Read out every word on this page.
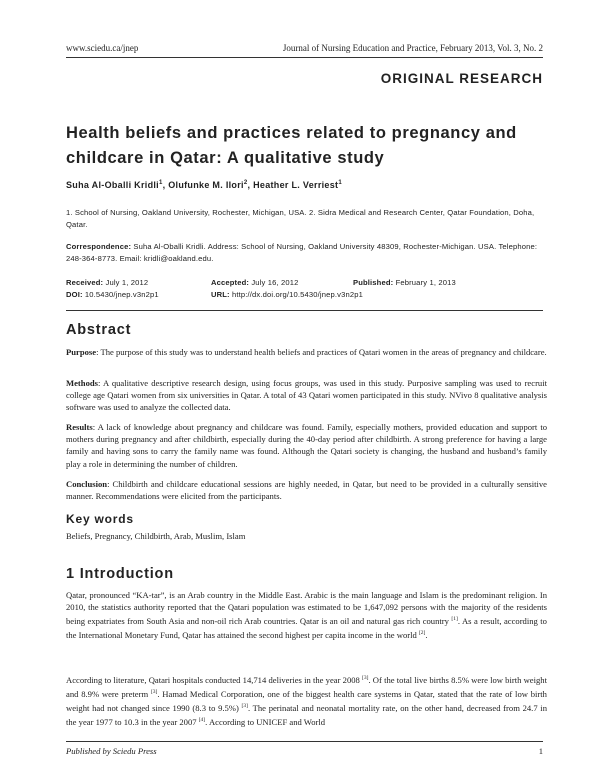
www.sciedu.ca/jnep	Journal of Nursing Education and Practice, February 2013, Vol. 3, No. 2
ORIGINAL RESEARCH
Health beliefs and practices related to pregnancy and childcare in Qatar: A qualitative study
Suha Al-Oballi Kridli$^1$, Olufunke M. Ilori$^2$, Heather L. Verriest$^1$
1. School of Nursing, Oakland University, Rochester, Michigan, USA. 2. Sidra Medical and Research Center, Qatar Foundation, Doha, Qatar.
Correspondence: Suha Al-Oballi Kridli. Address: School of Nursing, Oakland University 48309, Rochester-Michigan. USA. Telephone: 248-364-8773. Email: kridli@oakland.edu.
Received: July 1, 2012	Accepted: July 16, 2012	Published: February 1, 2013
DOI: 10.5430/jnep.v3n2p1	URL: http://dx.doi.org/10.5430/jnep.v3n2p1
Abstract
Purpose: The purpose of this study was to understand health beliefs and practices of Qatari women in the areas of pregnancy and childcare.
Methods: A qualitative descriptive research design, using focus groups, was used in this study. Purposive sampling was used to recruit college age Qatari women from six universities in Qatar. A total of 43 Qatari women participated in this study. NVivo 8 qualitative analysis software was used to analyze the collected data.
Results: A lack of knowledge about pregnancy and childcare was found. Family, especially mothers, provided education and support to mothers during pregnancy and after childbirth, especially during the 40-day period after childbirth. A strong preference for having a large family and having sons to carry the family name was found. Although the Qatari society is changing, the husband and husband’s family play a role in determining the number of children.
Conclusion: Childbirth and childcare educational sessions are highly needed, in Qatar, but need to be provided in a culturally sensitive manner. Recommendations were elicited from the participants.
Key words
Beliefs, Pregnancy, Childbirth, Arab, Muslim, Islam
1 Introduction
Qatar, pronounced “KA-tar”, is an Arab country in the Middle East. Arabic is the main language and Islam is the predominant religion. In 2010, the statistics authority reported that the Qatari population was estimated to be 1,647,092 persons with the majority of the residents being expatriates from South Asia and non-oil rich Arab countries. Qatar is an oil and natural gas rich country [1]. As a result, according to the International Monetary Fund, Qatar has attained the second highest per capita income in the world [2].
According to literature, Qatari hospitals conducted 14,714 deliveries in the year 2008 [3]. Of the total live births 8.5% were low birth weight and 8.9% were preterm [3]. Hamad Medical Corporation, one of the biggest health care systems in Qatar, stated that the rate of low birth weight had not changed since 1990 (8.3 to 9.5%) [3]. The perinatal and neonatal mortality rate, on the other hand, decreased from 24.7 in the year 1977 to 10.3 in the year 2007 [4]. According to UNICEF and World
Published by Sciedu Press	1
